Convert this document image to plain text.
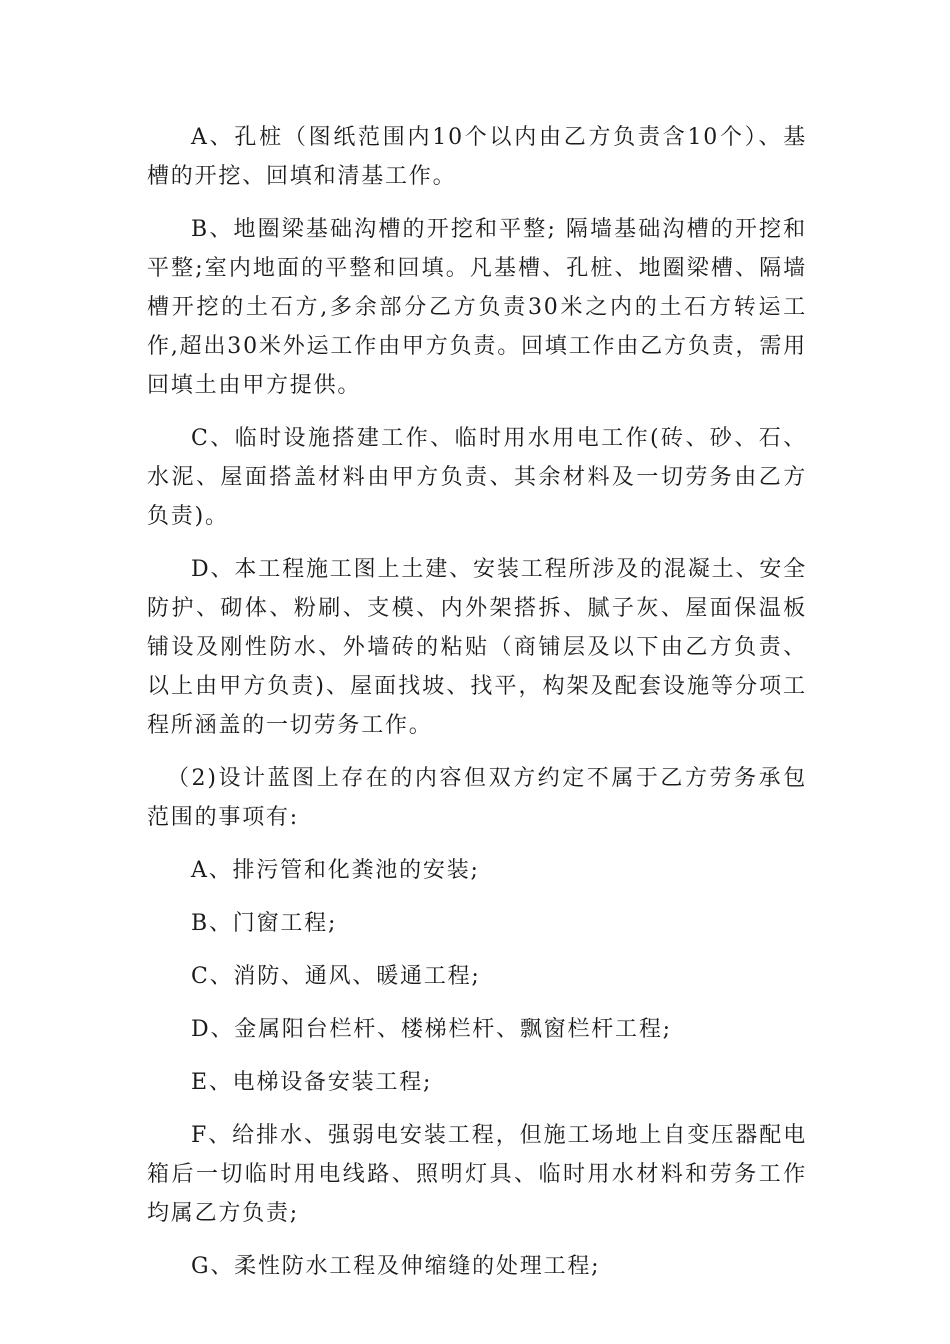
A、孔桩（图纸范围内10个以内由乙方负责含10个）、基槽的开挖、回填和清基工作。

B、地圈梁基础沟槽的开挖和平整; 隔墙基础沟槽的开挖和平整;室内地面的平整和回填。凡基槽、孔桩、地圈梁槽、隔墙槽开挖的土石方,多余部分乙方负责30米之内的土石方转运工作,超出30米外运工作由甲方负责。回填工作由乙方负责，需用回填土由甲方提供。

C、临时设施搭建工作、临时用水用电工作(砖、砂、石、水泥、屋面搭盖材料由甲方负责、其余材料及一切劳务由乙方负责)。

D、本工程施工图上土建、安装工程所涉及的混凝土、安全防护、砌体、粉刷、支模、内外架搭拆、腻子灰、屋面保温板铺设及刚性防水、外墙砖的粘贴（商铺层及以下由乙方负责、以上由甲方负责)、屋面找坡、找平，构架及配套设施等分项工程所涵盖的一切劳务工作。

（2)设计蓝图上存在的内容但双方约定不属于乙方劳务承包范围的事项有:

A、排污管和化粪池的安装;

B、门窗工程;

C、消防、通风、暖通工程;

D、金属阳台栏杆、楼梯栏杆、飘窗栏杆工程;

E、电梯设备安装工程;

F、给排水、强弱电安装工程，但施工场地上自变压器配电箱后一切临时用电线路、照明灯具、临时用水材料和劳务工作均属乙方负责;

G、柔性防水工程及伸缩缝的处理工程;
